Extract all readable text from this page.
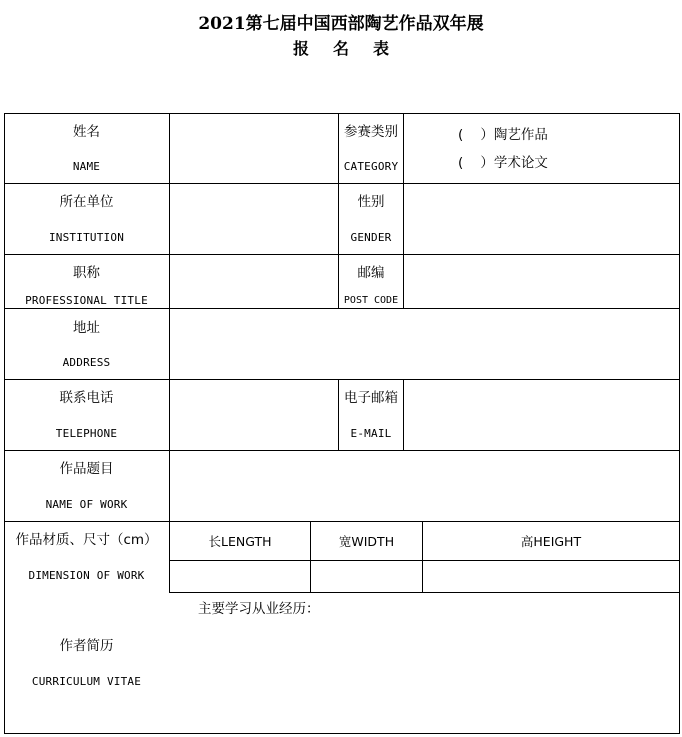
2021第七届中国西部陶艺作品双年展
报名表
姓名
NAME
参赛类别
CATEGORY
(    ）陶艺作品
(    ）学术论文
所在单位
INSTITUTION
性别
GENDER
职称
PROFESSIONAL TITLE
邮编
POST CODE
地址
ADDRESS
联系电话
TELEPHONE
电子邮箱
E-MAIL
作品题目
NAME OF WORK
作品材质、尺寸（cm）
DIMENSION OF WORK
长LENGTH	宽WIDTH	高HEIGHT
作者简历
CURRICULUM VITAE
主要学习从业经历：
